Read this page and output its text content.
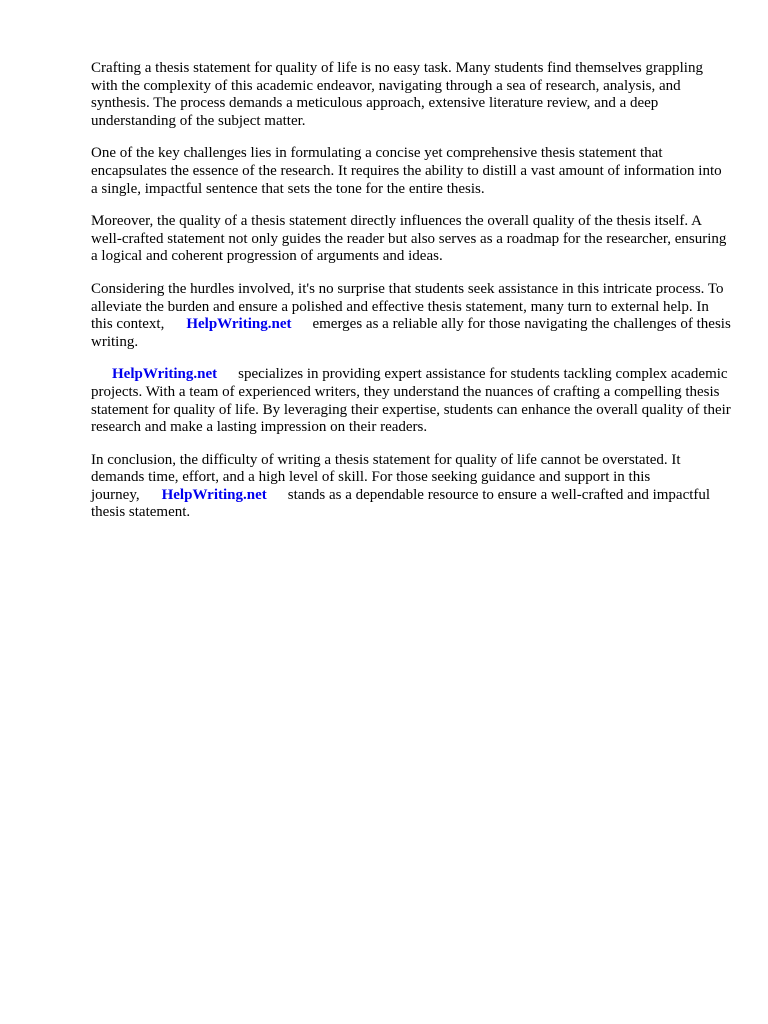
Crafting a thesis statement for quality of life is no easy task. Many students find themselves grappling with the complexity of this academic endeavor, navigating through a sea of research, analysis, and synthesis. The process demands a meticulous approach, extensive literature review, and a deep understanding of the subject matter.

One of the key challenges lies in formulating a concise yet comprehensive thesis statement that encapsulates the essence of the research. It requires the ability to distill a vast amount of information into a single, impactful sentence that sets the tone for the entire thesis.

Moreover, the quality of a thesis statement directly influences the overall quality of the thesis itself. A well-crafted statement not only guides the reader but also serves as a roadmap for the researcher, ensuring a logical and coherent progression of arguments and ideas.

Considering the hurdles involved, it's no surprise that students seek assistance in this intricate process. To alleviate the burden and ensure a polished and effective thesis statement, many turn to external help. In this context, HelpWriting.net emerges as a reliable ally for those navigating the challenges of thesis writing.

HelpWriting.net specializes in providing expert assistance for students tackling complex academic projects. With a team of experienced writers, they understand the nuances of crafting a compelling thesis statement for quality of life. By leveraging their expertise, students can enhance the overall quality of their research and make a lasting impression on their readers.

In conclusion, the difficulty of writing a thesis statement for quality of life cannot be overstated. It demands time, effort, and a high level of skill. For those seeking guidance and support in this journey, HelpWriting.net stands as a dependable resource to ensure a well-crafted and impactful thesis statement.
